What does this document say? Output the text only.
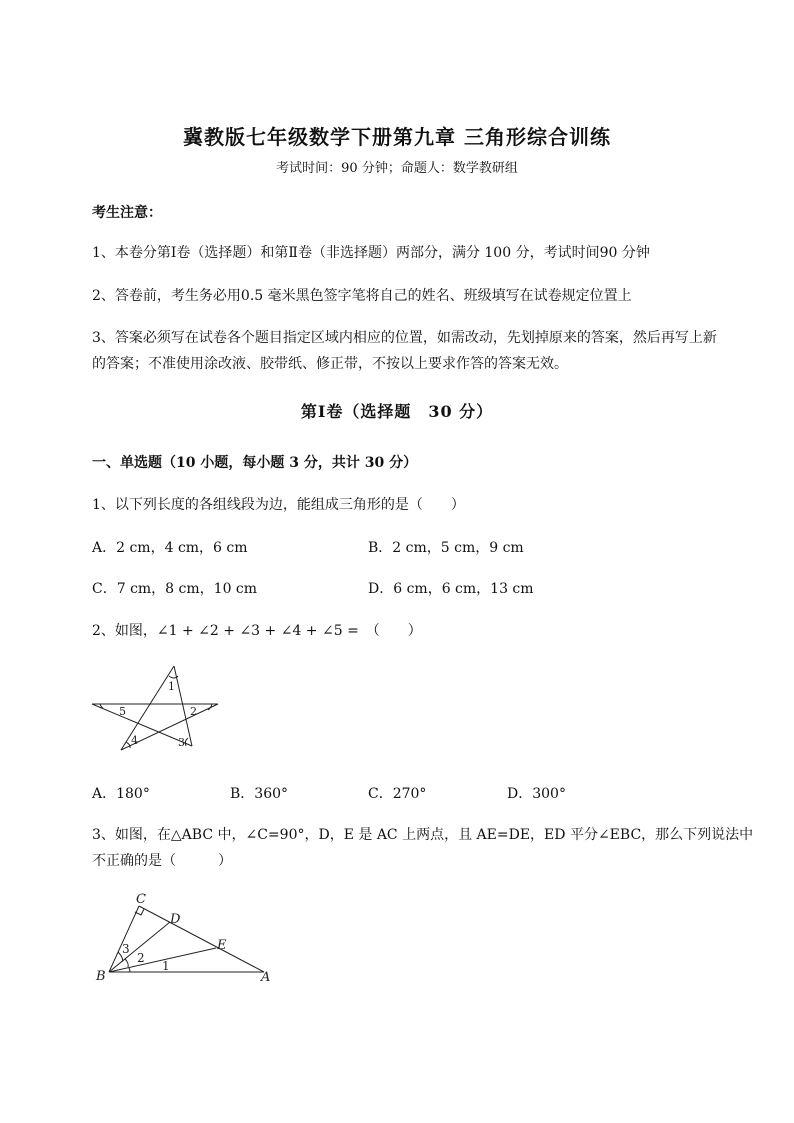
冀教版七年级数学下册第九章 三角形综合训练
考试时间：90 分钟；命题人：数学教研组
考生注意：
1、本卷分第Ⅰ卷（选择题）和第Ⅱ卷（非选择题）两部分，满分 100 分，考试时间90 分钟
2、答卷前，考生务必用0.5 毫米黑色签字笔将自己的姓名、班级填写在试卷规定位置上
3、答案必须写在试卷各个题目指定区域内相应的位置，如需改动，先划掉原来的答案，然后再写上新
的答案；不准使用涂改液、胶带纸、修正带，不按以上要求作答的答案无效。
第Ⅰ卷（选择题　30 分）
一、单选题（10 小题，每小题 3 分，共计 30 分）
1、以下列长度的各组线段为边，能组成三角形的是（　　）
A．2 cm，4 cm，6 cm	B．2 cm，5 cm，9 cm
C．7 cm，8 cm，10 cm	D．6 cm，6 cm，13 cm
2、如图，∠1 + ∠2 + ∠3 + ∠4 + ∠5 =　（　　）
1
2
3
4
5
A．180°	B．360°	C．270°	D．300°
3、如图，在△ABC 中，∠C=90°，D，E 是 AC 上两点，且 AE=DE，ED 平分∠EBC，那么下列说法中
不正确的是（　　　）
C
D
E
B	A
3
2
1
